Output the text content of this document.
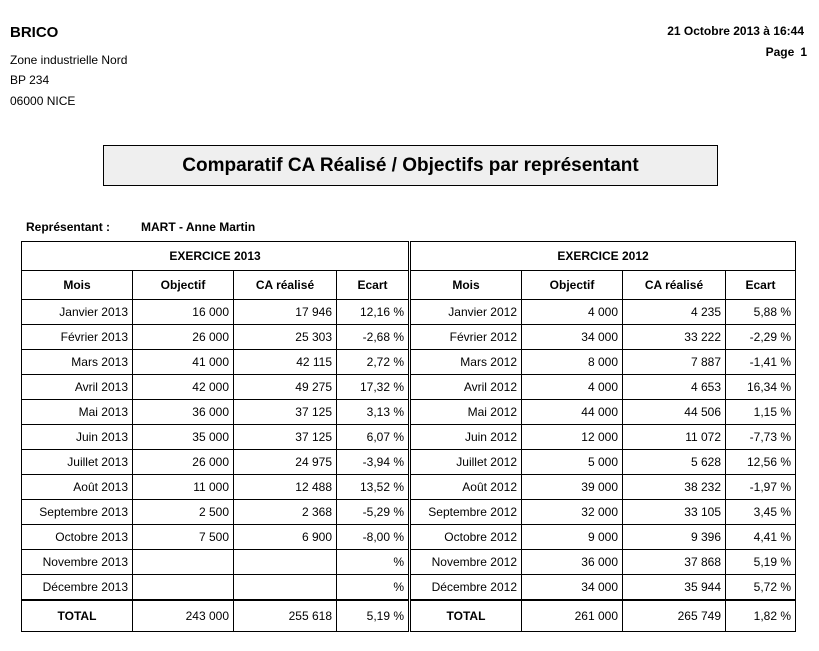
BRICO
Zone industrielle Nord
BP 234
06000 NICE
21 Octobre 2013 à 16:44
Page 1
Comparatif CA Réalisé / Objectifs par représentant
Représentant :	MART - Anne Martin
EXERCICE 2013			
Mois	Objectif	CA réalisé	Ecart
Janvier 2013	16 000	17 946	12,16 %
Février 2013	26 000	25 303	-2,68 %
Mars 2013	41 000	42 115	2,72 %
Avril 2013	42 000	49 275	17,32 %
Mai 2013	36 000	37 125	3,13 %
Juin 2013	35 000	37 125	6,07 %
Juillet 2013	26 000	24 975	-3,94 %
Août 2013	11 000	12 488	13,52 %
Septembre 2013	2 500	2 368	-5,29 %
Octobre 2013	7 500	6 900	-8,00 %
Novembre 2013			%
Décembre 2013			%
TOTAL	243 000	255 618	5,19 %
EXERCICE 2012			
Mois	Objectif	CA réalisé	Ecart
Janvier 2012	4 000	4 235	5,88 %
Février 2012	34 000	33 222	-2,29 %
Mars 2012	8 000	7 887	-1,41 %
Avril 2012	4 000	4 653	16,34 %
Mai 2012	44 000	44 506	1,15 %
Juin 2012	12 000	11 072	-7,73 %
Juillet 2012	5 000	5 628	12,56 %
Août 2012	39 000	38 232	-1,97 %
Septembre 2012	32 000	33 105	3,45 %
Octobre 2012	9 000	9 396	4,41 %
Novembre 2012	36 000	37 868	5,19 %
Décembre 2012	34 000	35 944	5,72 %
TOTAL	261 000	265 749	1,82 %
